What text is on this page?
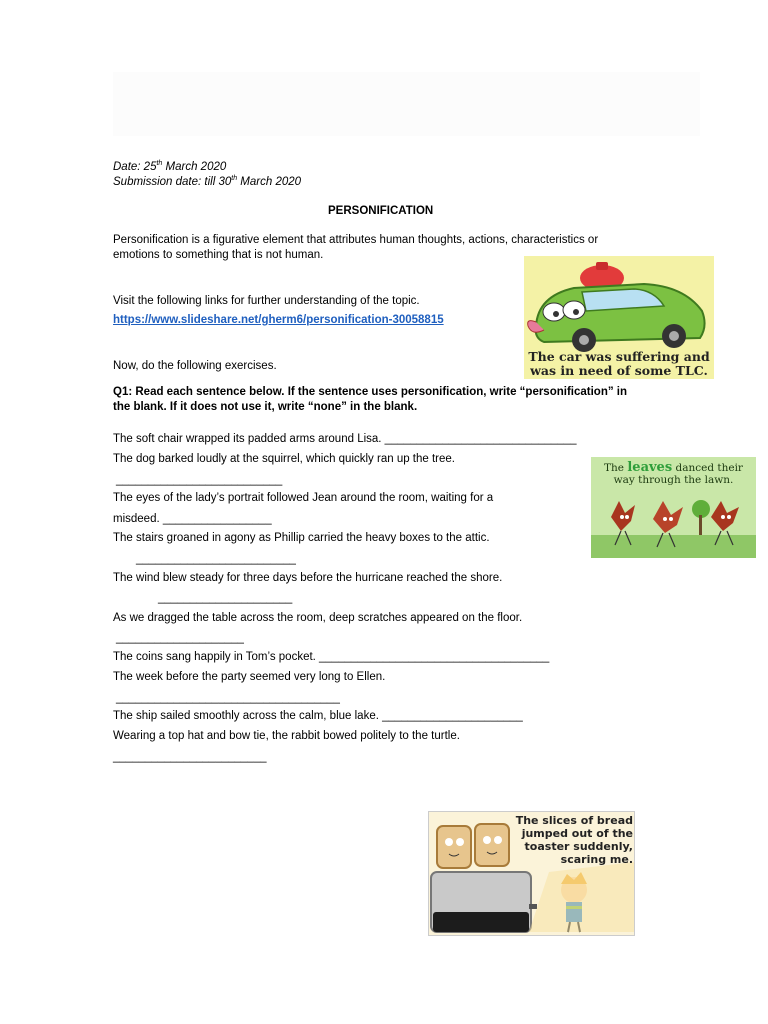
Date: 25th March 2020
Submission date: till 30th March 2020
PERSONIFICATION
Personification is a figurative element that attributes human thoughts, actions, characteristics or
emotions to something that is not human.
Visit the following links for further understanding of the topic.
https://www.slideshare.net/gherm6/personification-30058815
Now, do the following exercises.
Q1: Read each sentence below. If the sentence uses personification, write “personification” in
the blank. If it does not use it, write “none” in the blank.
The soft chair wrapped its padded arms around Lisa. ______________________________
The dog barked loudly at the squirrel, which quickly ran up the tree.
__________________________
The eyes of the lady’s portrait followed Jean around the room, waiting for a
misdeed. _________________
The stairs groaned in agony as Phillip carried the heavy boxes to the attic.
_________________________
The wind blew steady for three days before the hurricane reached the shore.
_____________________
As we dragged the table across the room, deep scratches appeared on the floor.
____________________
The coins sang happily in Tom’s pocket. ____________________________________
The week before the party seemed very long to Ellen.
___________________________________
The ship sailed smoothly across the calm, blue lake. ______________________
Wearing a top hat and bow tie, the rabbit bowed politely to the turtle.
________________________
The car was suffering and
was in need of some TLC.
The leaves danced their
way through the lawn.
The slices of bread
jumped out of the
toaster suddenly,
scaring me.
